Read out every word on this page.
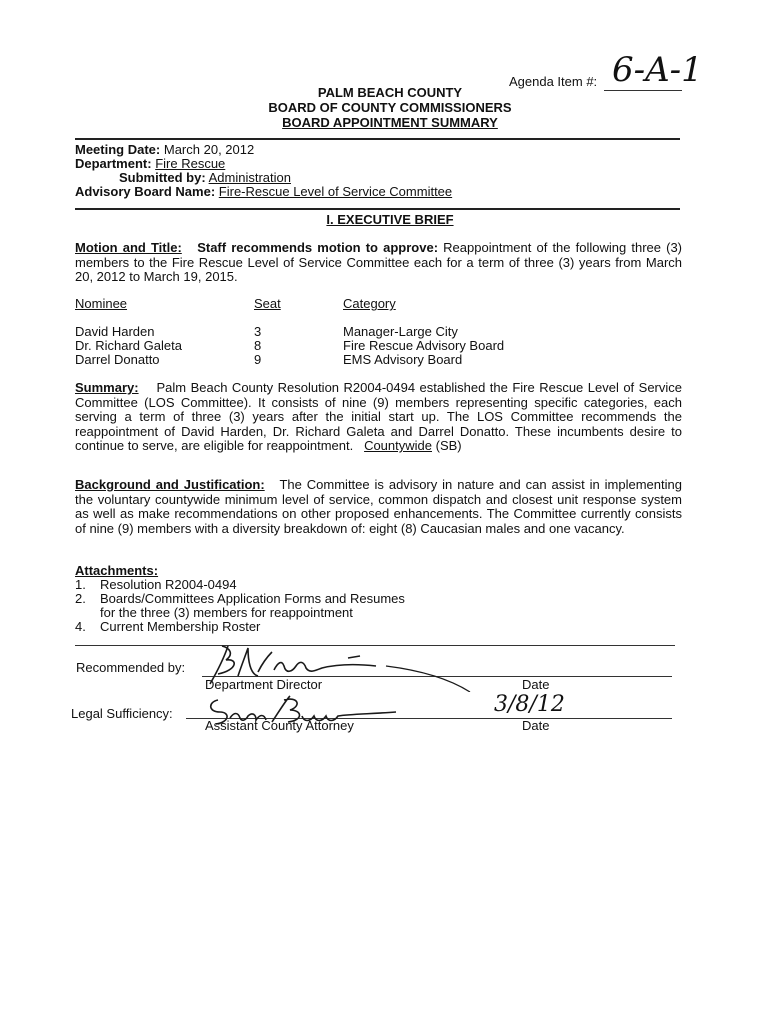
Agenda Item #: 6-A-1
PALM BEACH COUNTY
BOARD OF COUNTY COMMISSIONERS
BOARD APPOINTMENT SUMMARY
Meeting Date: March 20, 2012
Department: Fire Rescue
Submitted by: Administration
Advisory Board Name: Fire-Rescue Level of Service Committee
I. EXECUTIVE BRIEF

Motion and Title: Staff recommends motion to approve: Reappointment of the following three (3) members to the Fire Rescue Level of Service Committee each for a term of three (3) years from March 20, 2012 to March 19, 2015.

Nominee	Seat	Category
David Harden	3	Manager-Large City
Dr. Richard Galeta	8	Fire Rescue Advisory Board
Darrel Donatto	9	EMS Advisory Board

Summary: Palm Beach County Resolution R2004-0494 established the Fire Rescue Level of Service Committee (LOS Committee). It consists of nine (9) members representing specific categories, each serving a term of three (3) years after the initial start up. The LOS Committee recommends the reappointment of David Harden, Dr. Richard Galeta and Darrel Donatto. These incumbents desire to continue to serve, are eligible for reappointment. Countywide (SB)

Background and Justification: The Committee is advisory in nature and can assist in implementing the voluntary countywide minimum level of service, common dispatch and closest unit response system as well as make recommendations on other proposed enhancements. The Committee currently consists of nine (9) members with a diversity breakdown of: eight (8) Caucasian males and one vacancy.

Attachments:
1. Resolution R2004-0494
2. Boards/Committees Application Forms and Resumes
for the three (3) members for reappointment
4. Current Membership Roster
Recommended by:
Department Director	Date
Legal Sufficiency:
Assistant County Attorney
3/8/12
Date
